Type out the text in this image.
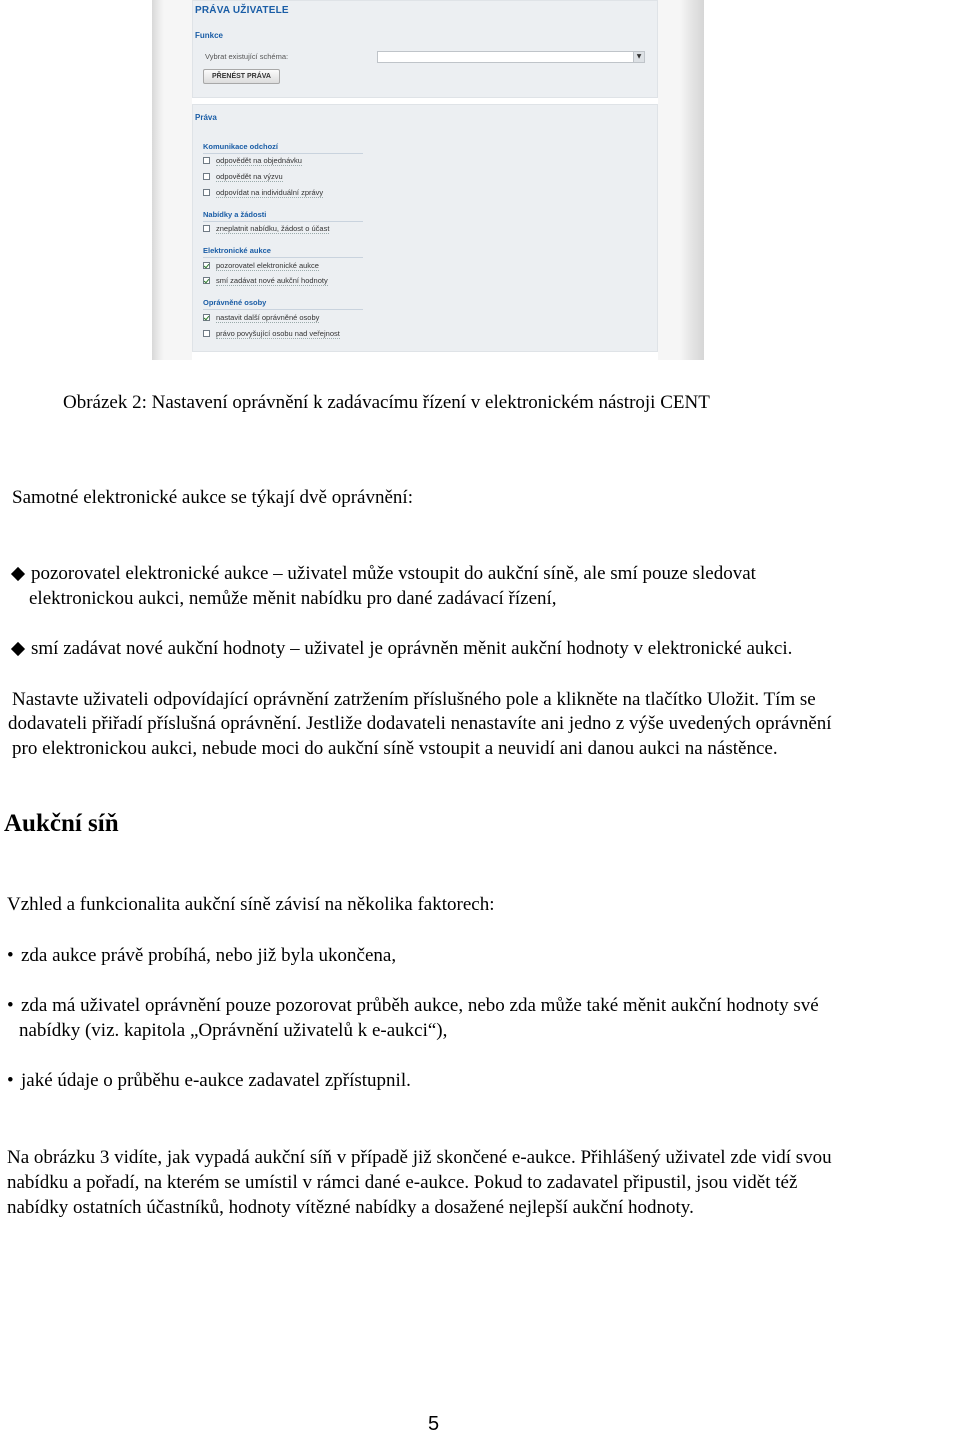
PRÁVA UŽIVATELE
Funkce
Vybrat existující schéma:	▼
PŘENÉST PRÁVA
Práva
Komunikace odchozí
odpovědět na objednávku
odpovědět na výzvu
odpovídat na individuální zprávy
Nabídky a žádosti
zneplatnit nabídku, žádost o účast
Elektronické aukce
pozorovatel elektronické aukce
smí zadávat nové aukční hodnoty
Oprávněné osoby
nastavit další oprávněné osoby
právo povyšující osobu nad veřejnost
Obrázek 2: Nastavení oprávnění k zadávacímu řízení v elektronickém nástroji CENT
Samotné elektronické aukce se týkají dvě oprávnění:
pozorovatel elektronické aukce – uživatel může vstoupit do aukční síně, ale smí pouze sledovat
elektronickou aukci, nemůže měnit nabídku pro dané zadávací řízení,
smí zadávat nové aukční hodnoty – uživatel je oprávněn měnit aukční hodnoty v elektronické aukci.
Nastavte uživateli odpovídající oprávnění zatržením příslušného pole a klikněte na tlačítko Uložit. Tím se
dodavateli přiřadí příslušná oprávnění. Jestliže dodavateli nenastavíte ani jedno z výše uvedených oprávnění
pro elektronickou aukci, nebude moci do aukční síně vstoupit a neuvidí ani danou aukci na nástěnce.
Aukční síň
Vzhled a funkcionalita aukční síně závisí na několika faktorech:
• zda aukce právě probíhá, nebo již byla ukončena,
• zda má uživatel oprávnění pouze pozorovat průběh aukce, nebo zda může také měnit aukční hodnoty své
nabídky (viz. kapitola „Oprávnění uživatelů k e-aukci“),
• jaké údaje o průběhu e-aukce zadavatel zpřístupnil.
Na obrázku 3 vidíte, jak vypadá aukční síň v případě již skončené e-aukce. Přihlášený uživatel zde vidí svou
nabídku a pořadí, na kterém se umístil v rámci dané e-aukce. Pokud to zadavatel připustil, jsou vidět též
nabídky ostatních účastníků, hodnoty vítězné nabídky a dosažené nejlepší aukční hodnoty.
5
